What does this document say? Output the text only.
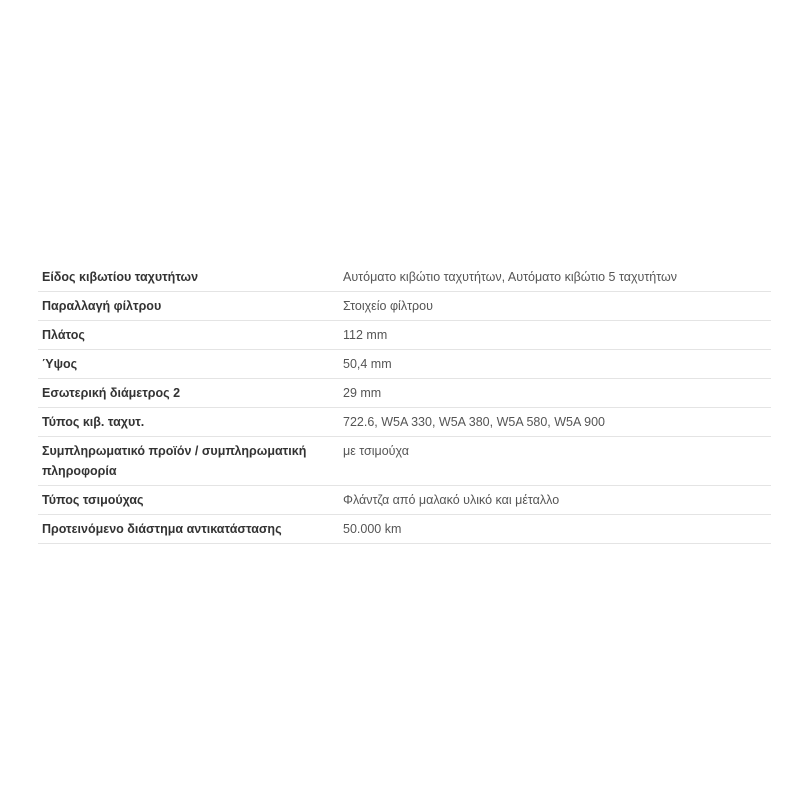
Είδος κιβωτίου ταχυτήτων	Αυτόματο κιβώτιο ταχυτήτων, Αυτόματο κιβώτιο 5 ταχυτήτων
Παραλλαγή φίλτρου	Στοιχείο φίλτρου
Πλάτος	112 mm
Ύψος	50,4 mm
Εσωτερική διάμετρος 2	29 mm
Τύπος κιβ. ταχυτ.	722.6, W5A 330, W5A 380, W5A 580, W5A 900
Συμπληρωματικό προϊόν / συμπληρωματική πληροφορία	με τσιμούχα
Τύπος τσιμούχας	Φλάντζα από μαλακό υλικό και μέταλλο
Προτεινόμενο διάστημα αντικατάστασης	50.000 km
